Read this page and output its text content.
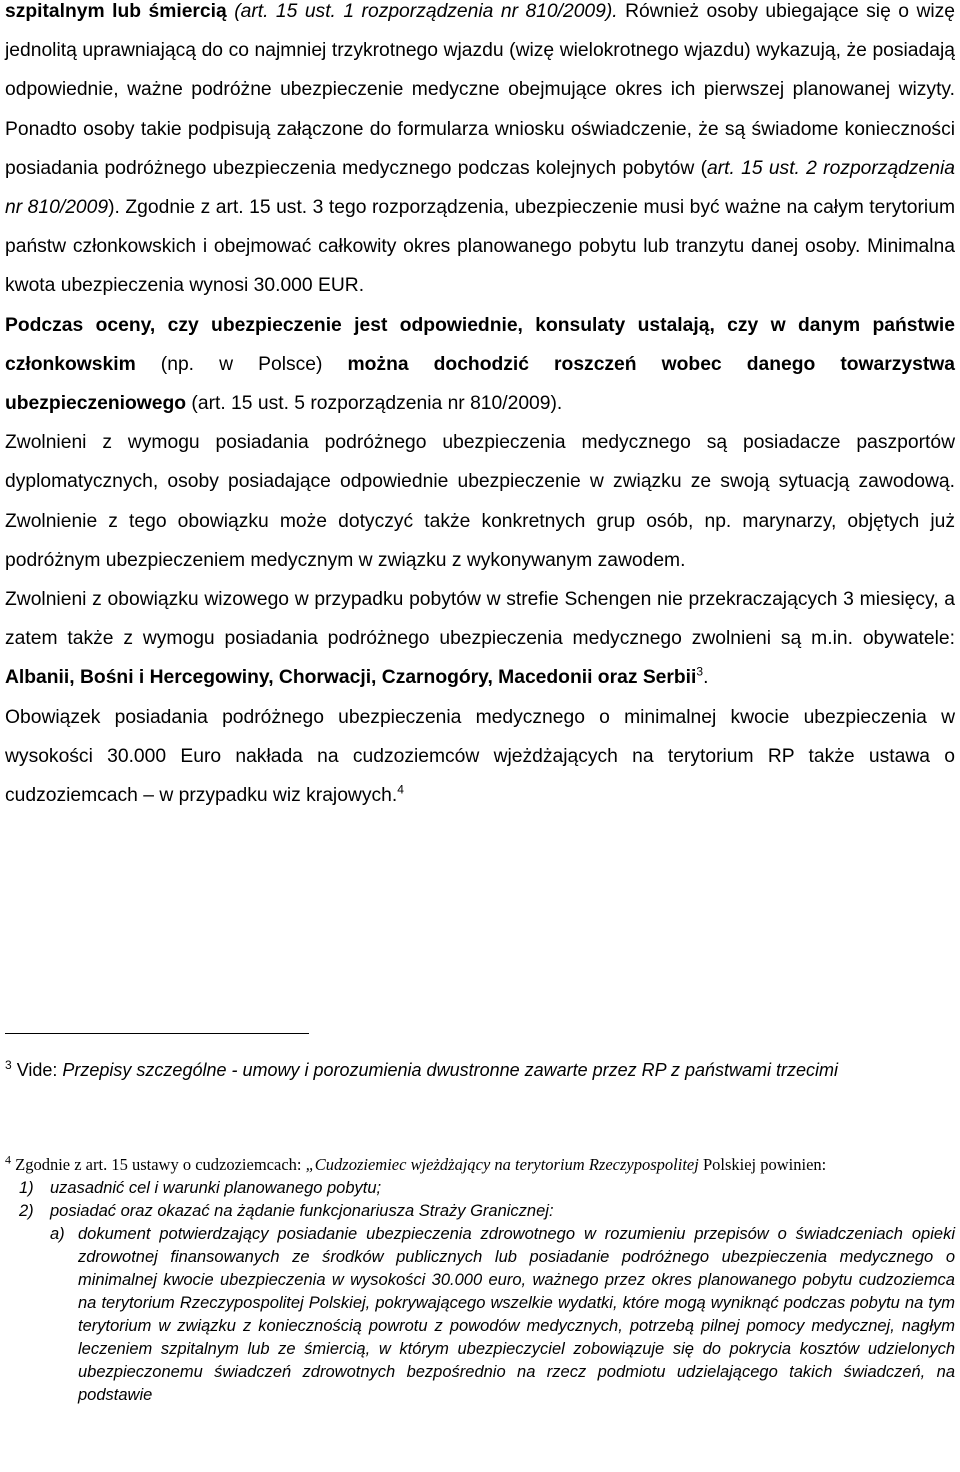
szpitalnym lub śmiercią (art. 15 ust. 1 rozporządzenia nr 810/2009). Również osoby ubiegające się o wizę jednolitą uprawniającą do co najmniej trzykrotnego wjazdu (wizę wielokrotnego wjazdu) wykazują, że posiadają odpowiednie, ważne podróżne ubezpieczenie medyczne obejmujące okres ich pierwszej planowanej wizyty. Ponadto osoby takie podpisują załączone do formularza wniosku oświadczenie, że są świadome konieczności posiadania podróżnego ubezpieczenia medycznego podczas kolejnych pobytów (art. 15 ust. 2 rozporządzenia nr 810/2009). Zgodnie z art. 15 ust. 3 tego rozporządzenia, ubezpieczenie musi być ważne na całym terytorium państw członkowskich i obejmować całkowity okres planowanego pobytu lub tranzytu danej osoby. Minimalna kwota ubezpieczenia wynosi 30.000 EUR.

Podczas oceny, czy ubezpieczenie jest odpowiednie, konsulaty ustalają, czy w danym państwie członkowskim (np. w Polsce) można dochodzić roszczeń wobec danego towarzystwa ubezpieczeniowego (art. 15 ust. 5 rozporządzenia nr 810/2009).

Zwolnieni z wymogu posiadania podróżnego ubezpieczenia medycznego są posiadacze paszportów dyplomatycznych, osoby posiadające odpowiednie ubezpieczenie w związku ze swoją sytuacją zawodową. Zwolnienie z tego obowiązku może dotyczyć także konkretnych grup osób, np. marynarzy, objętych już podróżnym ubezpieczeniem medycznym w związku z wykonywanym zawodem.

Zwolnieni z obowiązku wizowego w przypadku pobytów w strefie Schengen nie przekraczających 3 miesięcy, a zatem także z wymogu posiadania podróżnego ubezpieczenia medycznego zwolnieni są m.in. obywatele: Albanii, Bośni i Hercegowiny, Chorwacji, Czarnogóry, Macedonii oraz Serbii$^3$.

Obowiązek posiadania podróżnego ubezpieczenia medycznego o minimalnej kwocie ubezpieczenia w wysokości 30.000 Euro nakłada na cudzoziemców wjeżdżających na terytorium RP także ustawa o cudzoziemcach – w przypadku wiz krajowych.$^4$

$^3$ Vide: Przepisy szczególne - umowy i porozumienia dwustronne zawarte przez RP z państwami trzecimi

$^4$ Zgodnie z art. 15 ustawy o cudzoziemcach: „Cudzoziemiec wjeżdżający na terytorium Rzeczypospolitej Polskiej powinien:

1) uzasadnić cel i warunki planowanego pobytu;
2) posiadać oraz okazać na żądanie funkcjonariusza Straży Granicznej:
a) dokument potwierdzający posiadanie ubezpieczenia zdrowotnego w rozumieniu przepisów o świadczeniach opieki zdrowotnej finansowanych ze środków publicznych lub posiadanie podróżnego ubezpieczenia medycznego o minimalnej kwocie ubezpieczenia w wysokości 30.000 euro, ważnego przez okres planowanego pobytu cudzoziemca na terytorium Rzeczypospolitej Polskiej, pokrywającego wszelkie wydatki, które mogą wyniknąć podczas pobytu na tym terytorium w związku z koniecznością powrotu z powodów medycznych, potrzebą pilnej pomocy medycznej, nagłym leczeniem szpitalnym lub ze śmiercią, w którym ubezpieczyciel zobowiązuje się do pokrycia kosztów udzielonych ubezpieczonemu świadczeń zdrowotnych bezpośrednio na rzecz podmiotu udzielającego takich świadczeń, na podstawie
